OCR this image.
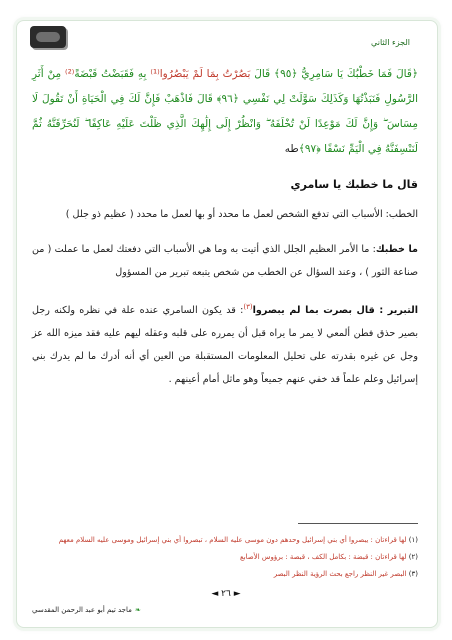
الجزء الثاني
﴿قَالَ فَمَا خَطْبُكَ يَا سَامِرِيُّ ﴿٩٥﴾ قَالَ بَصُرْتُ بِمَا لَمْ يَبْصُرُوا⁽¹⁾ بِهِ فَقَبَضْتُ قَبْضَةً⁽²⁾ مِنْ أَثَرِ الرَّسُولِ فَنَبَذْتُهَا وَكَذَلِكَ سَوَّلَتْ لِي نَفْسِي ﴿٩٦﴾ قَالَ فَاذْهَبْ فَإِنَّ لَكَ فِي الْحَيَاةِ أَنْ تَقُولَ لَا مِسَاسَ ۖ وَإِنَّ لَكَ مَوْعِدًا لَنْ تُخْلَفَهُ ۖ وَانْظُرْ إِلَى إِلَٰهِكَ الَّذِي ظَلْتَ عَلَيْهِ عَاكِفًا ۖ لَنُحَرِّقَنَّهُ ثُمَّ لَنَنْسِفَنَّهُ فِي الْيَمِّ نَسْفًا ﴿٩٧﴾طه
قال ما خطبك يا سامري
الخطب: الأسباب التي تدفع الشخص لعمل ما محدد أو بها لعمل ما محدد ( عظيم ذو جلل )
ما خطبك: ما الأمر العظيم الجلل الذي أتيت به وما هي الأسباب التي دفعتك لعمل ما عملت ( من صناعة الثور ) ، وعند السؤال عن الخطب من شخص يتبعه تبرير من المسؤول
التبرير : قال بصرت بما لم يبصروا$^{(٣)}$: قد يكون السامري عنده علة في نظره ولكنه رجل بصير حذق فطن ألمعي لا يمر ما يراه قبل أن يمرره على قلبه وعقله ليهم عليه فقد ميزه الله عز وجل عن غيره بقدرته على تحليل المعلومات المستقبلة من العين أي أنه أدرك ما لم يدرك بني إسرائيل وعلم علماً قد خفي عنهم جميعاً وهو ماثل أمام أعينهم .
(١) لها قراءتان : يبصروا أي بني إسرائيل وحدهم دون موسى عليه السلام ، تبصروا أي بني إسرائيل وموسى عليه السلام معهم
(٢) لها قراءتان : قبضة : بكامل الكف ، قبصة : برؤوس الأصابع
(٣) البصر غير النظر راجع بحث الرؤية النظر البصر
◄ ٢٦ ►
❧ماجد تيم أبو عبد الرحمن المقدسي
